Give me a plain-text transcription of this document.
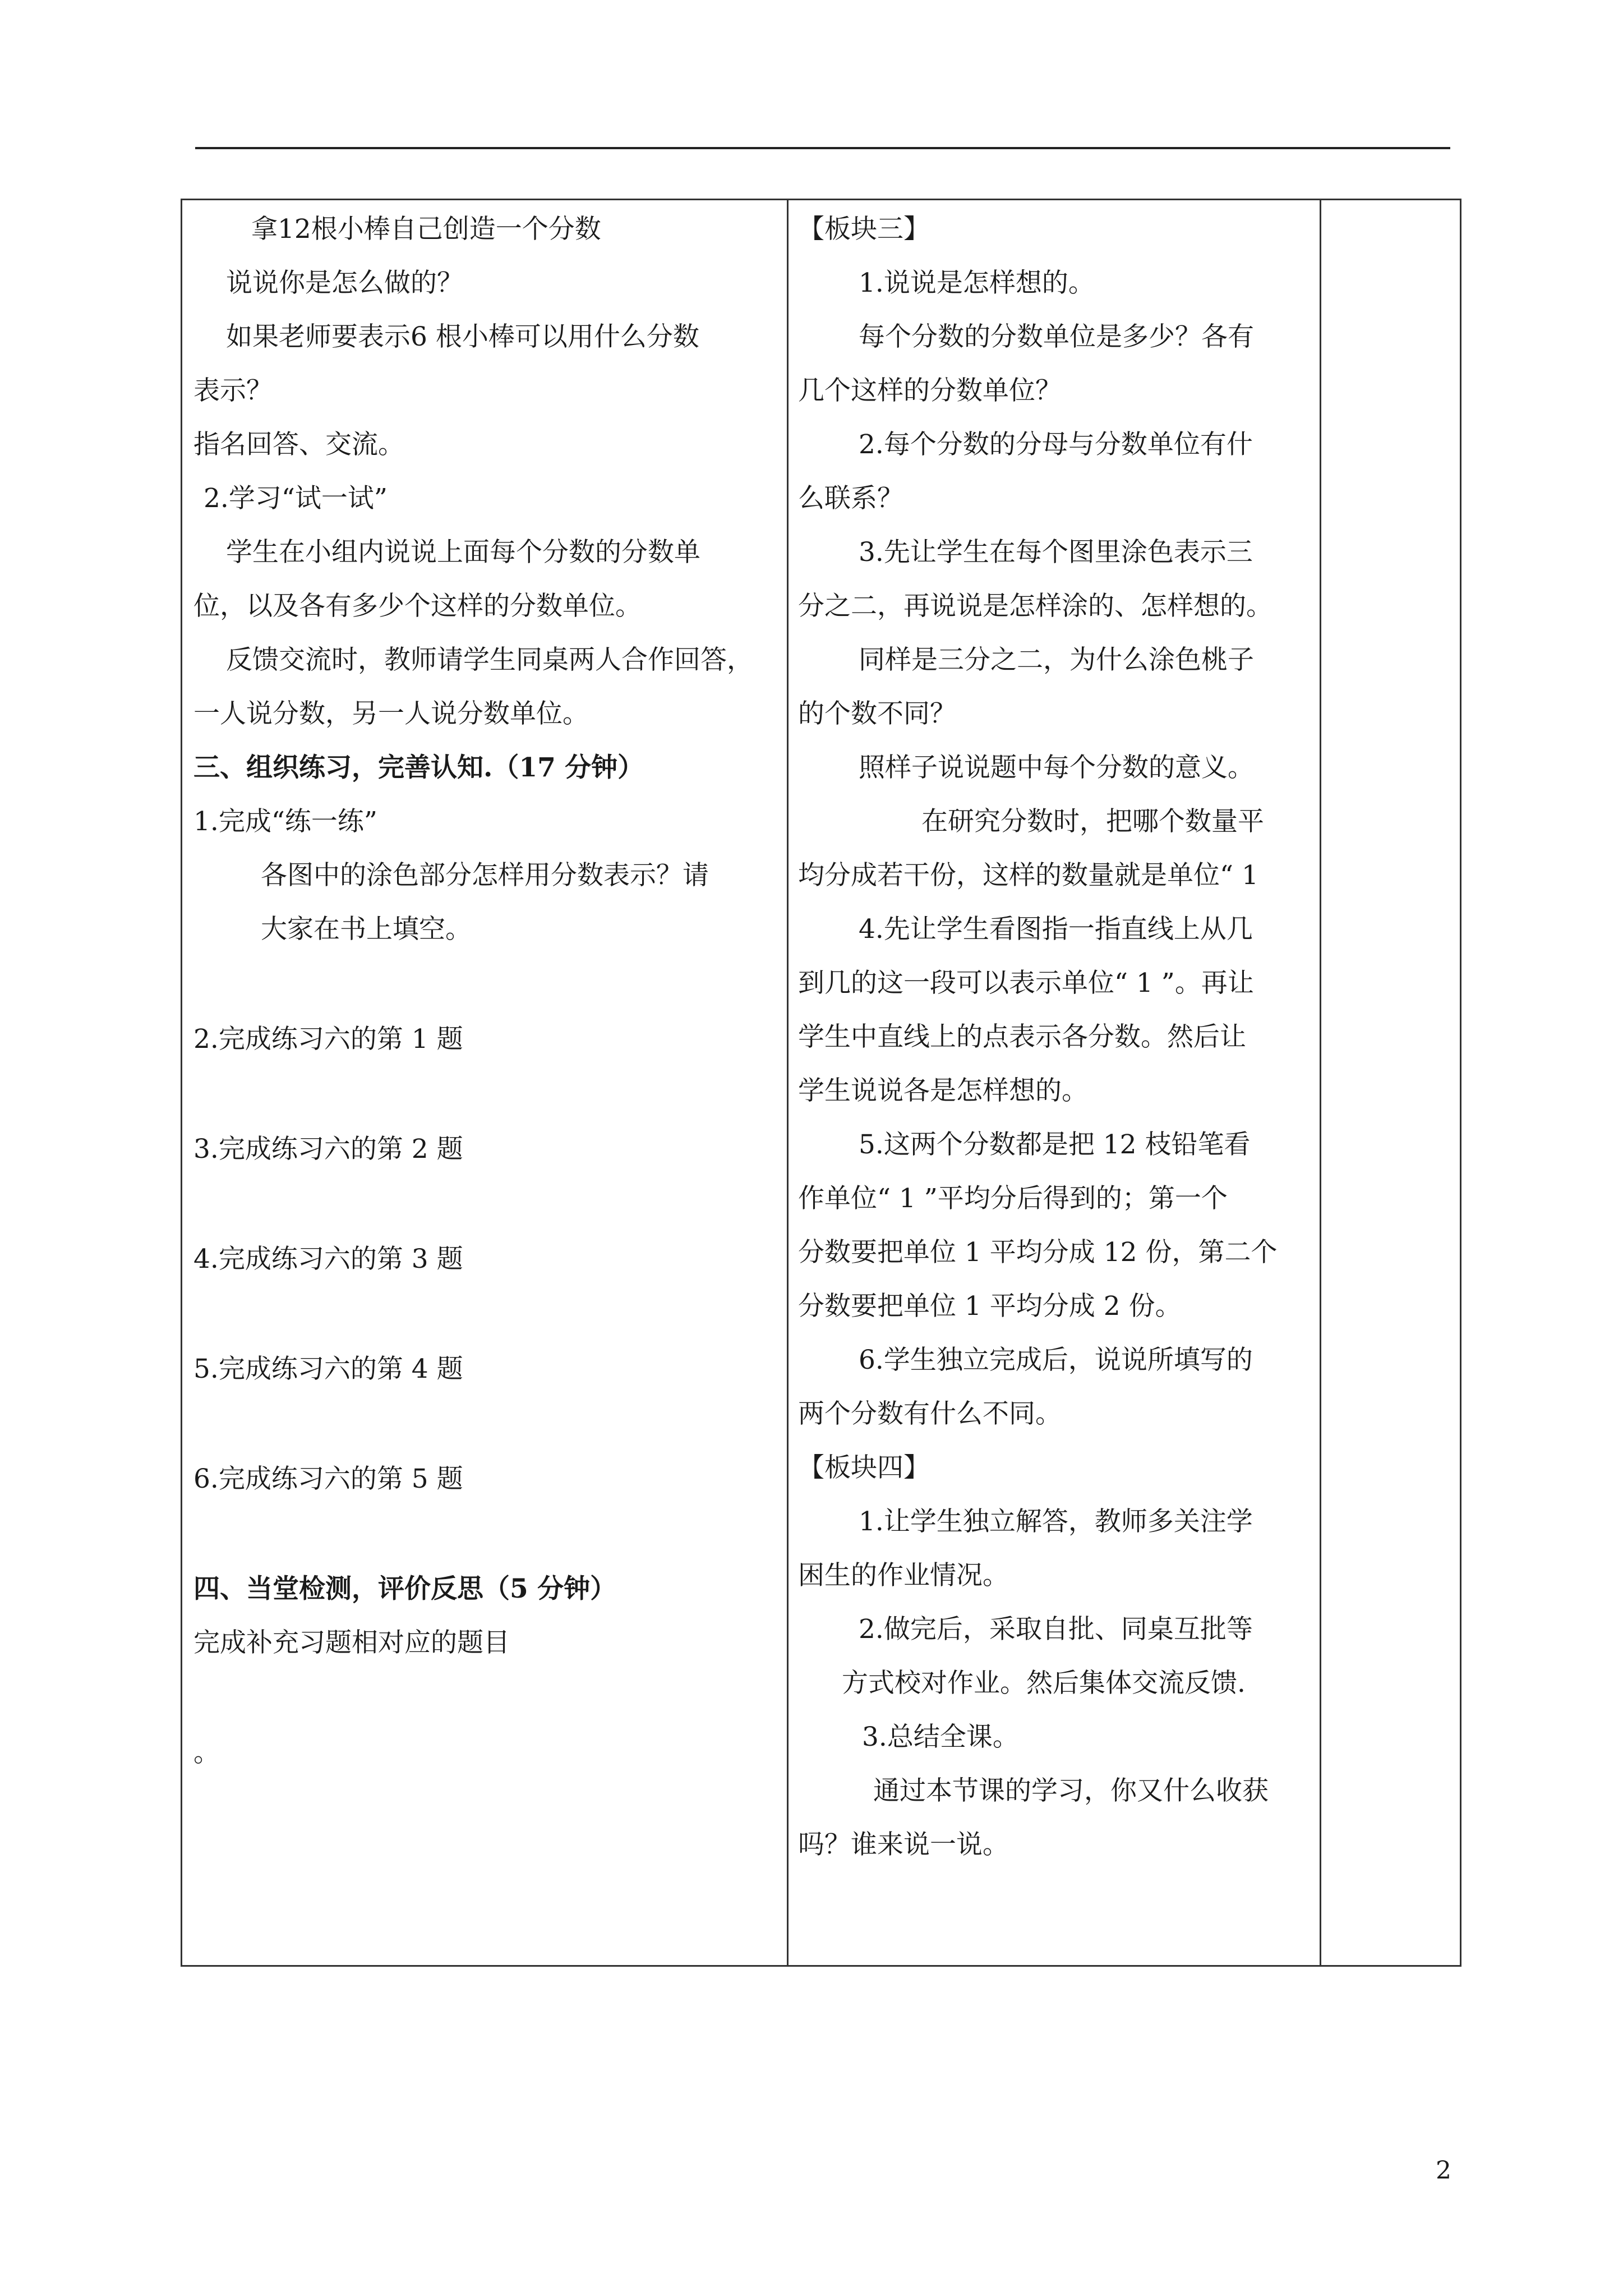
拿12根小棒自己创造一个分数
说说你是怎么做的？
如果老师要表示6 根小棒可以用什么分数
表示？
指名回答、交流。
2.学习“试一试”
学生在小组内说说上面每个分数的分数单
位，以及各有多少个这样的分数单位。
反馈交流时，教师请学生同桌两人合作回答，
一人说分数，另一人说分数单位。
三、组织练习，完善认知.（17 分钟）
1.完成“练一练”
各图中的涂色部分怎样用分数表示？请
大家在书上填空。
2.完成练习六的第 1 题
3.完成练习六的第 2 题
4.完成练习六的第 3 题
5.完成练习六的第 4 题
6.完成练习六的第 5 题
四、当堂检测，评价反思（5 分钟）
完成补充习题相对应的题目
。
【板块三】
1.说说是怎样想的。
每个分数的分数单位是多少？各有
几个这样的分数单位？
2.每个分数的分母与分数单位有什
么联系？
3.先让学生在每个图里涂色表示三
分之二，再说说是怎样涂的、怎样想的。
同样是三分之二，为什么涂色桃子
的个数不同？
照样子说说题中每个分数的意义。
在研究分数时，把哪个数量平
均分成若干份，这样的数量就是单位“ 1
4.先让学生看图指一指直线上从几
到几的这一段可以表示单位“ 1 ”。再让
学生中直线上的点表示各分数。然后让
学生说说各是怎样想的。
5.这两个分数都是把 12 枝铅笔看
作单位“ 1 ”平均分后得到的；第一个
分数要把单位 1 平均分成 12 份，第二个
分数要把单位 1 平均分成 2 份。
6.学生独立完成后，说说所填写的
两个分数有什么不同。
【板块四】
1.让学生独立解答，教师多关注学
困生的作业情况。
2.做完后，采取自批、同桌互批等
方式校对作业。然后集体交流反馈.
3.总结全课。
通过本节课的学习，你又什么收获
吗？谁来说一说。
2
